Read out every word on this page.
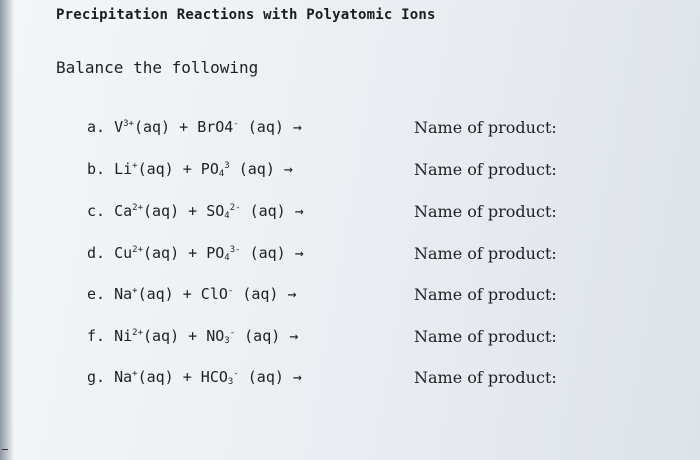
Precipitation Reactions with Polyatomic Ions
Balance the following
a. $V^{3+}(aq) + BrO4^-$ (aq) →	Name of product:
b. $Li^+(aq) + PO_4^3$ (aq) →	Name of product:
c. $Ca^{2+}(aq) + SO_4^{2-}$ (aq) →	Name of product:
d. $Cu^{2+}(aq) + PO_4^{3-}$ (aq) →	Name of product:
e. Na+(aq) + ClO- (aq) →	Name of product:
f. $Ni^{2+}(aq) + NO_3^-$ (aq) →	Name of product:
g. $Na^+(aq) + HCO_3^-$ (aq) →	Name of product:
